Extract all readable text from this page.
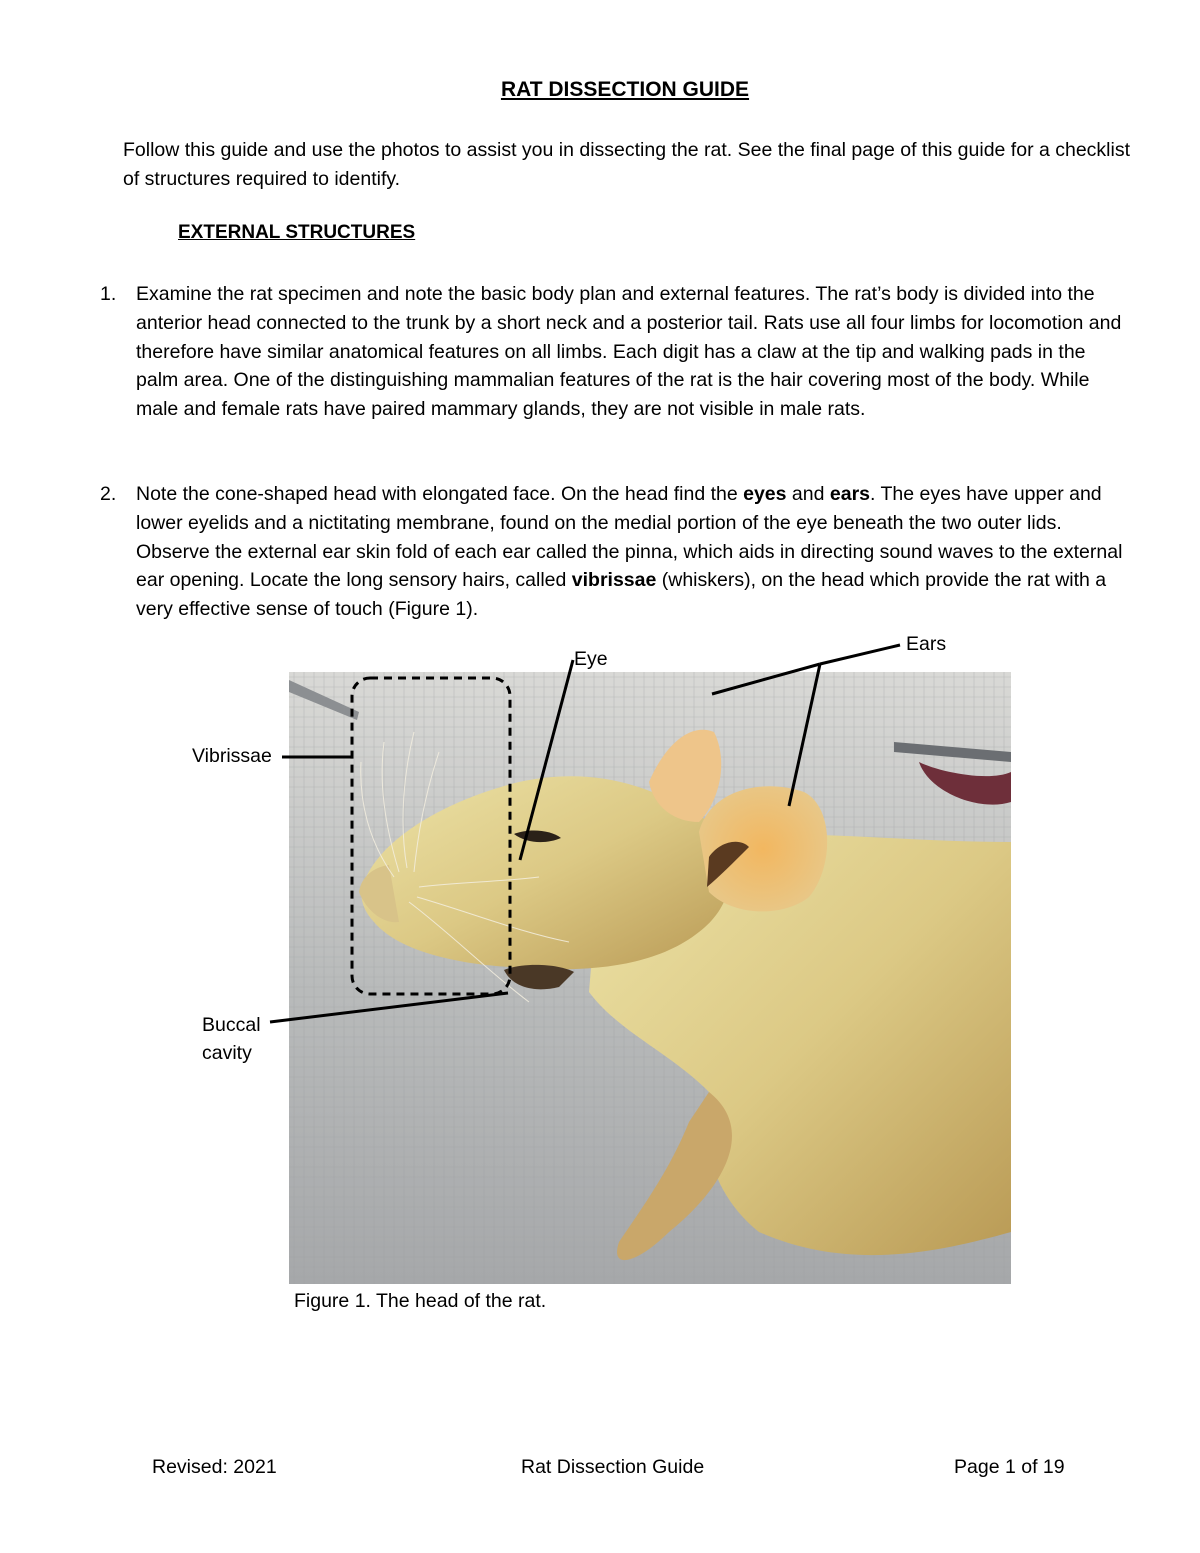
RAT DISSECTION GUIDE
Follow this guide and use the photos to assist you in dissecting the rat. See the final page of this guide for a checklist of structures required to identify.
EXTERNAL STRUCTURES
1. Examine the rat specimen and note the basic body plan and external features. The rat’s body is divided into the anterior head connected to the trunk by a short neck and a posterior tail. Rats use all four limbs for locomotion and therefore have similar anatomical features on all limbs. Each digit has a claw at the tip and walking pads in the palm area. One of the distinguishing mammalian features of the rat is the hair covering most of the body. While male and female rats have paired mammary glands, they are not visible in male rats.
2. Note the cone-shaped head with elongated face. On the head find the eyes and ears. The eyes have upper and lower eyelids and a nictitating membrane, found on the medial portion of the eye beneath the two outer lids. Observe the external ear skin fold of each ear called the pinna, which aids in directing sound waves to the external ear opening. Locate the long sensory hairs, called vibrissae (whiskers), on the head which provide the rat with a very effective sense of touch (Figure 1).
Eye
Ears
Vibrissae
Buccal
cavity
Figure 1. The head of the rat.
Revised: 2021	Rat Dissection Guide	Page 1 of 19
